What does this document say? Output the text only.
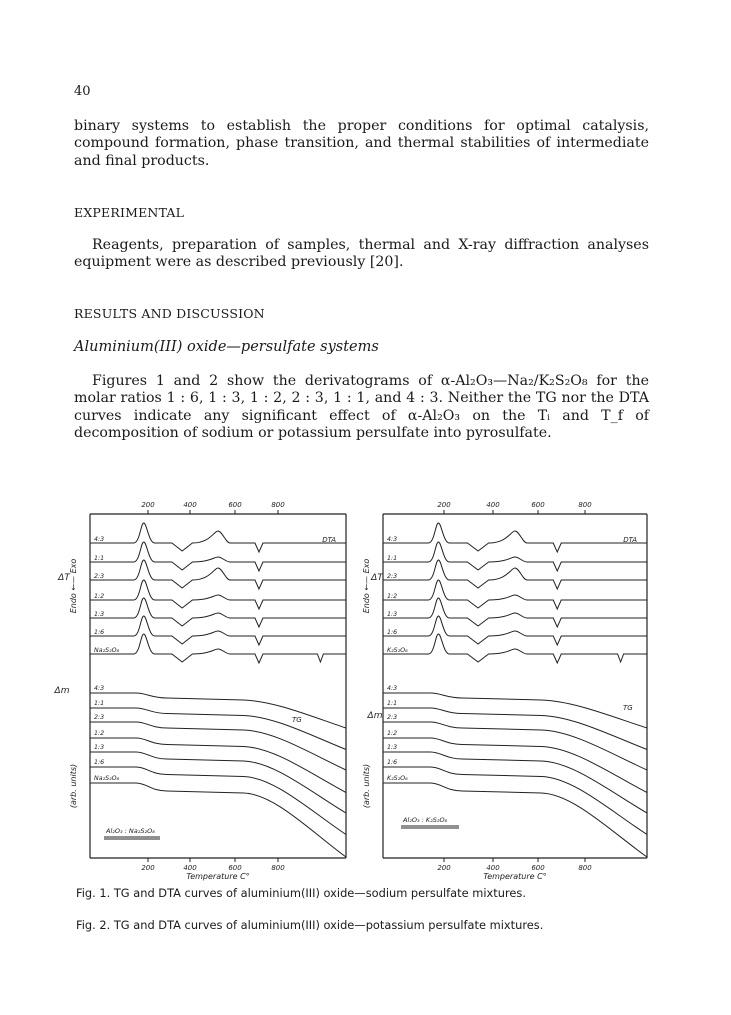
40
binary systems to establish the proper conditions for optimal catalysis, compound formation, phase transition, and thermal stabilities of intermediate and final products.
EXPERIMENTAL
Reagents, preparation of samples, thermal and X-ray diffraction analyses equipment were as described previously [20].
RESULTS AND DISCUSSION
Aluminium(III) oxide—persulfate systems
Figures 1 and 2 show the derivatograms of α-Al₂O₃—Na₂/K₂S₂O₈ for the molar ratios 1 : 6, 1 : 3, 1 : 2, 2 : 3, 1 : 1, and 4 : 3. Neither the TG nor the DTA curves indicate any significant effect of α-Al₂O₃ on the Tᵢ and T_f of decomposition of sodium or potassium persulfate into pyrosulfate.
200	400	600	800
200	400	600	800
Temperature C°
Endo ←— Exo
ΔT
Δm
(arb. units)
DTA
TG
4:3
1:1
2:3
1:2
1:3
1:6
Na₂S₂O₈
4:3
1:1
2:3
1:2
1:3
1:6
Na₂S₂O₈
Al₂O₃ : Na₂S₂O₈
200	400	600	800
200	400	600	800
Temperature C°
Endo ←— Exo ΔT
Δm
(arb. units)
DTA
TG
4:3
1:1
2:3
1:2
1:3
1:6
K₂S₂O₈
4:3
1:1
2:3
1:2
1:3
1:6
K₂S₂O₈
Al₂O₃ : K₂S₂O₈
Fig. 1. TG and DTA curves of aluminium(III) oxide—sodium persulfate mixtures.
Fig. 2. TG and DTA curves of aluminium(III) oxide—potassium persulfate mixtures.
